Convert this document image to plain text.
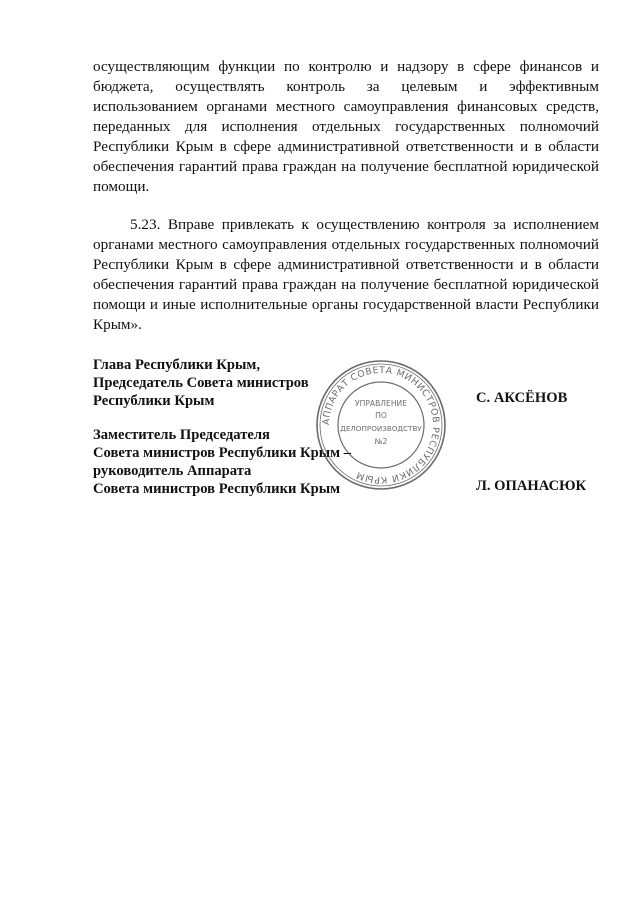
осуществляющим функции по контролю и надзору в сфере финансов и бюджета, осуществлять контроль за целевым и эффективным использованием органами местного самоуправления финансовых средств, переданных для исполнения отдельных государственных полномочий Республики Крым в сфере административной ответственности и в области обеспечения гарантий права граждан на получение бесплатной юридической помощи.
5.23. Вправе привлекать к осуществлению контроля за исполнением органами местного самоуправления отдельных государственных полномочий Республики Крым в сфере административной ответственности и в области обеспечения гарантий права граждан на получение бесплатной юридической помощи и иные исполнительные органы государственной власти Республики Крым».
Глава Республики Крым,
Председатель Совета министров
Республики Крым	С. АКСЁНОВ
Заместитель Председателя
Совета министров Республики Крым –
руководитель Аппарата
Совета министров Республики Крым	Л. ОПАНАСЮК
АППАРАТ СОВЕТА МИНИСТРОВ РЕСПУБЛИКИ КРЫМ
УПРАВЛЕНИЕ
ПО
ДЕЛОПРОИЗВОДСТВУ
№2
